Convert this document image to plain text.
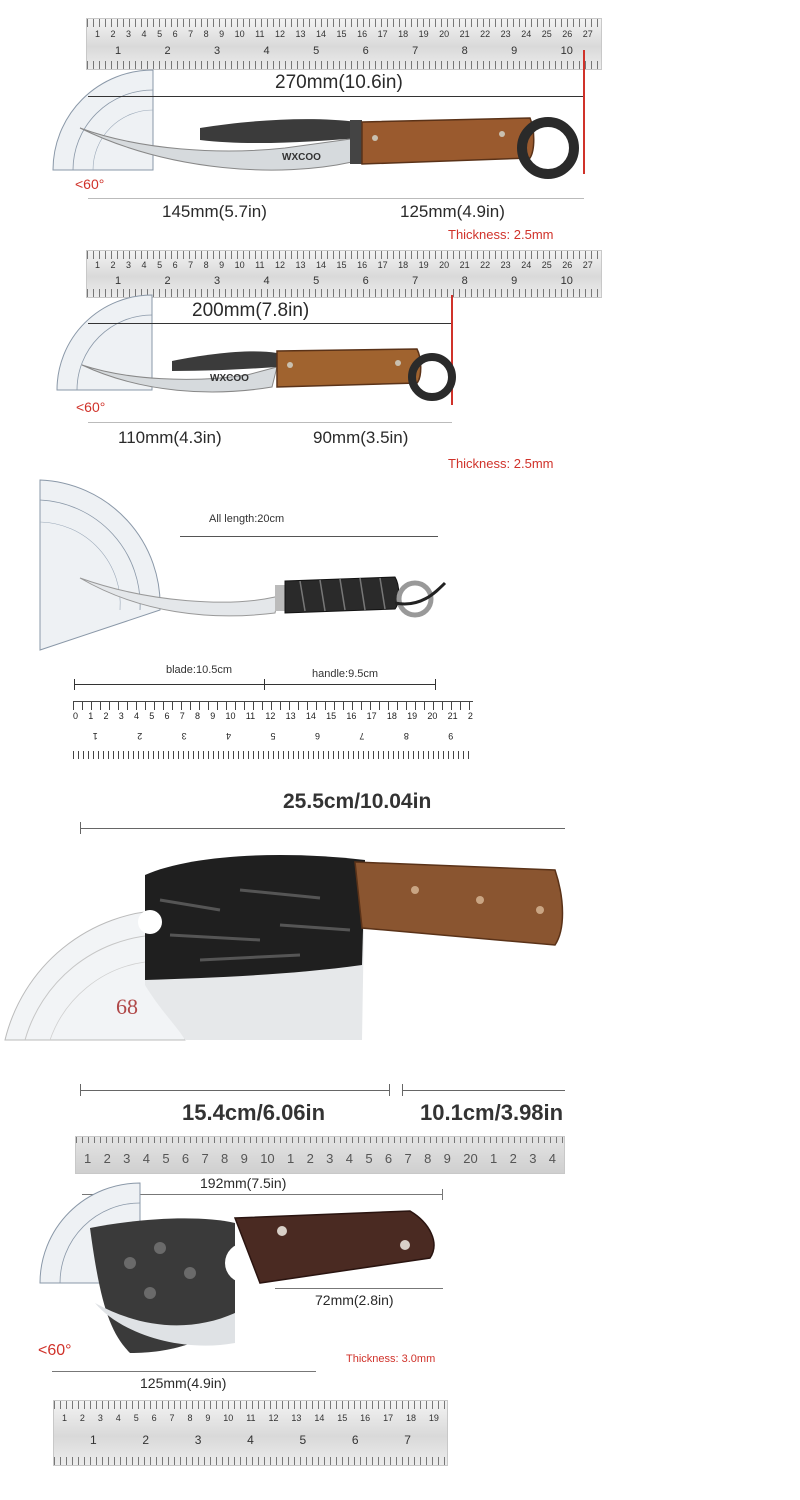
1 2 3 4 5 6 7 8 9 10 11 12 13 14 15 16 17 18 19 20 21 22 23 24 25 26 27
1	2	3	4	5	6	7	8	9	10
270mm(10.6in)
WXCOO
<60°
145mm(5.7in)	125mm(4.9in)
Thickness: 2.5mm
1 2 3 4 5 6 7 8 9 10 11 12 13 14 15 16 17 18 19 20 21 22 23 24 25 26 27
1	2	3	4	5	6	7	8	9	10
200mm(7.8in)
WXCOO
<60°
110mm(4.3in)	90mm(3.5in)
Thickness: 2.5mm
All length:20cm
blade:10.5cm	handle:9.5cm
0 1 2 3 4 5 6 7 8 9 10 11 12 13 14 15 16 17 18 19 20 21 2
9
8
7
6
5
4
3
2
1
25.5cm/10.04in
68
15.4cm/6.06in	10.1cm/3.98in
1 2 3 4 5 6 7 8 9 10 1 2 3 4 5 6 7 8 9 20 1 2 3 4
192mm(7.5in)
72mm(2.8in)
<60°	Thickness: 3.0mm
125mm(4.9in)
1 2 3 4 5 6 7 8 9 10 11 12 13 14 15 16 17 18 19
1	2	3	4	5	6	7
